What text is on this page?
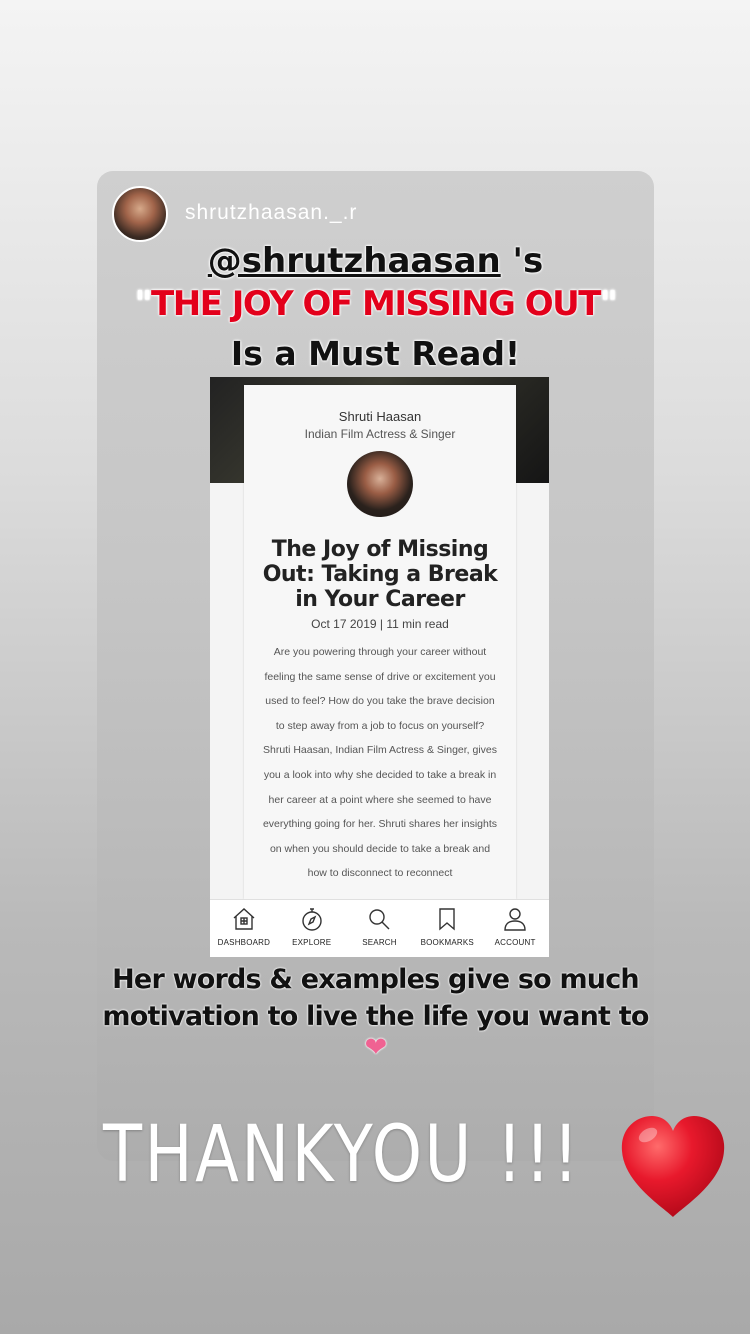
shrutzhaasan._.r
@shrutzhaasan 's
"THE JOY OF MISSING OUT"
Is a Must Read!
Shruti Haasan
Indian Film Actress & Singer
The Joy of Missing Out: Taking a Break in Your Career
Oct 17 2019 | 11 min read
Are you powering through your career without feeling the same sense of drive or excitement you used to feel? How do you take the brave decision to step away from a job to focus on yourself? Shruti Haasan, Indian Film Actress & Singer, gives you a look into why she decided to take a break in her career at a point where she seemed to have everything going for her. Shruti shares her insights on when you should decide to take a break and how to disconnect to reconnect
DASHBOARD	EXPLORE	SEARCH	BOOKMARKS	ACCOUNT
Her words & examples give so much
motivation to live the life you want to❤
THANKYOU !!!
